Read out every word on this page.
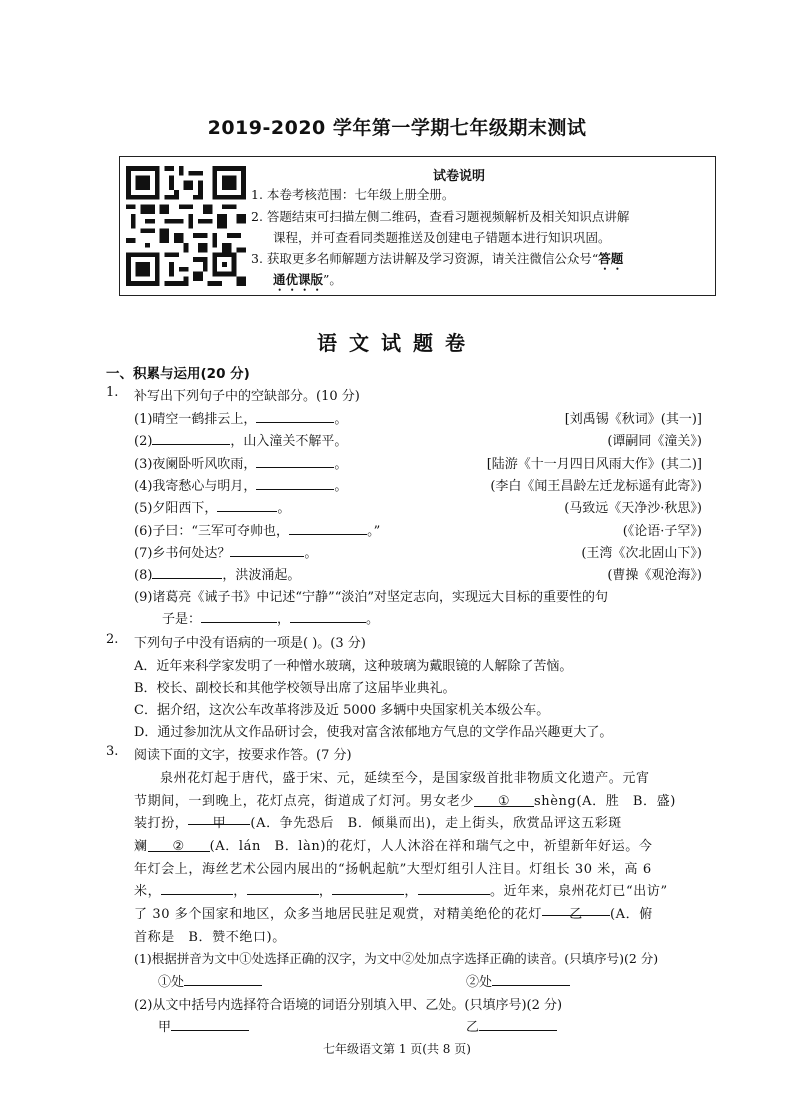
2019-2020 学年第一学期七年级期末测试
试卷说明
1. 本卷考核范围：七年级上册全册。
2. 答题结束可扫描左侧二维码，查看习题视频解析及相关知识点讲解
课程，并可查看同类题推送及创建电子错题本进行知识巩固。
3. 获取更多名师解题方法讲解及学习资源，请关注微信公众号“答题
通优课版”。
语文试题卷
一、积累与运用(20 分)
1. 补写出下列句子中的空缺部分。(10 分)
(1)晴空一鹤排云上，	。	[刘禹锡《秋词》(其一)]
(2)	，山入潼关不解平。	(谭嗣同《潼关》)
(3)夜阑卧听风吹雨，	。	[陆游《十一月四日风雨大作》(其二)]
(4)我寄愁心与明月，	。	(李白《闻王昌龄左迁龙标遥有此寄》)
(5)夕阳西下，	。	(马致远《天净沙·秋思》)
(6)子曰：“三军可夺帅也，	。”	(《论语·子罕》)
(7)乡书何处达？	。	(王湾《次北固山下》)
(8)	，洪波涌起。	(曹操《观沧海》)
(9)诸葛亮《诫子书》中记述“宁静”“淡泊”对坚定志向，实现远大目标的重要性的句
子是：	，	。
2. 下列句子中没有语病的一项是( )。(3 分)
A．近年来科学家发明了一种憎水玻璃，这种玻璃为戴眼镜的人解除了苦恼。
B．校长、副校长和其他学校领导出席了这届毕业典礼。
C．据介绍，这次公车改革将涉及近 5000 多辆中央国家机关本级公车。
D．通过参加沈从文作品研讨会，使我对富含浓郁地方气息的文学作品兴趣更大了。
3. 阅读下面的文字，按要求作答。(7 分)
泉州花灯起于唐代，盛于宋、元，延续至今，是国家级首批非物质文化遗产。元宵
节期间，一到晚上，花灯点亮，街道成了灯河。男女老少 ① shèng(A．胜　B．盛)
装打扮， 甲 (A．争先恐后　B．倾巢而出)，走上街头，欣赏品评这五彩斑
斓 ② (A．lán　B．làn)的花灯，人人沐浴在祥和瑞气之中，祈望新年好运。今
年灯会上，海丝艺术公园内展出的“扬帆起航”大型灯组引人注目。灯组长 30 米，高 6
米，	，	，	，	。近年来，泉州花灯已“出访”
了 30 多个国家和地区，众多当地居民驻足观赏，对精美绝伦的花灯 乙 (A．俯
首称是　B．赞不绝口)。
(1)根据拼音为文中①处选择正确的汉字，为文中②处加点字选择正确的读音。(只填序号)(2 分)
①处	②处
(2)从文中括号内选择符合语境的词语分别填入甲、乙处。(只填序号)(2 分)
甲	乙
七年级语文第 1 页(共 8 页)
